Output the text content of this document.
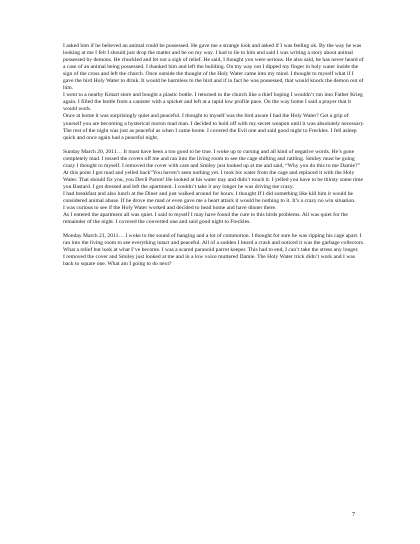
I asked him if he believed an animal could be possessed. He gave me a strange look and asked if I was feeling ok. By the way he was looking at me I felt I should just drop the matter and be on my way. I had to lie to him and said I was writing a story about animal possessed by demons. He chuckled and let out a sigh of relief. He said, I thought you were serious. He also said, he has never heard of a case of an animal being possessed. I thanked him and left the building. On my way out I dipped my finger in holy water inside the sign of the cross and left the church. Once outside the thought of the Holy Water came into my mind. I thought to myself what if I gave the bird Holy Water to drink. It would be harmless to the bird and if in fact he was possessed, that would knock the demon out of him.

I went to a nearby Kmart store and bought a plastic bottle. I returned to the church like a thief hoping I wouldn’t run into Father Krieg again. I filled the bottle from a canister with a spicket and left at a rapid low profile pace. On the way home I said a prayer that it would work.

Once at home it was surprisingly quiet and peaceful. I thought to myself was the bird aware I had the Holy Water? Get a grip of yourself you are becoming a hysterical moron mad man. I decided to hold off with my secret weapon until it was absolutely necessary. The rest of the night was just as peaceful as when I came home. I covered the Evil one and said good night to Freckles. I fell asleep quick and once again had a peaceful night.

Sunday March 20, 2011… It must have been a too good to be true. I woke up to cursing and all kind of negative words. He’s gone completely mad. I tossed the covers off me and ran into the living room to see the cage shifting and rattling. Smiley must be going crazy I thought to myself. I removed the cover with care and Smiley just looked up at me and said, “Why you do this to me Damie?” At this point I got mad and yelled back”You haven’t seen nothing yet. I took his water from the cage and replaced it with the Holy Water. That should fix you, you Devil Parrot! He looked at his water tray and didn’t touch it. I yelled you have to be thirsty some time you Bastard. I got dressed and left the apartment. I couldn’t take it any longer he was driving me crazy.

I had breakfast and also lunch at the Diner and just walked around for hours. I thought If I did something like kill him it would be considered animal abuse. If he drove me mad or even gave me a heart attack it would be nothing to it. It’s a crazy no win situation.

I was curious to see if the Holy Water worked and decided to head home and have dinner there.

As I entered the apartment all was quiet. I said to myself I may have found the cure to this birds problems. All was quiet for the remainder of the night. I covered the converted one and said good night to Freckles.

Monday March 21, 2011… I woke to the sound of banging and a lot of commotion. I thought for sure he was ripping his cage apart. I ran into the living room to see everything intact and peaceful. All of a sudden I heard a crash and noticed it was the garbage collectors. What a relief but look at what I’ve become. I was a scared paranoid parrot keeper. This had to end, I can’t take the stress any longer.

I removed the cover and Smiley just looked at me and in a low voice muttered Damie. The Holy Water trick didn’t work and I was back to square one. What am I going to do next?

7
